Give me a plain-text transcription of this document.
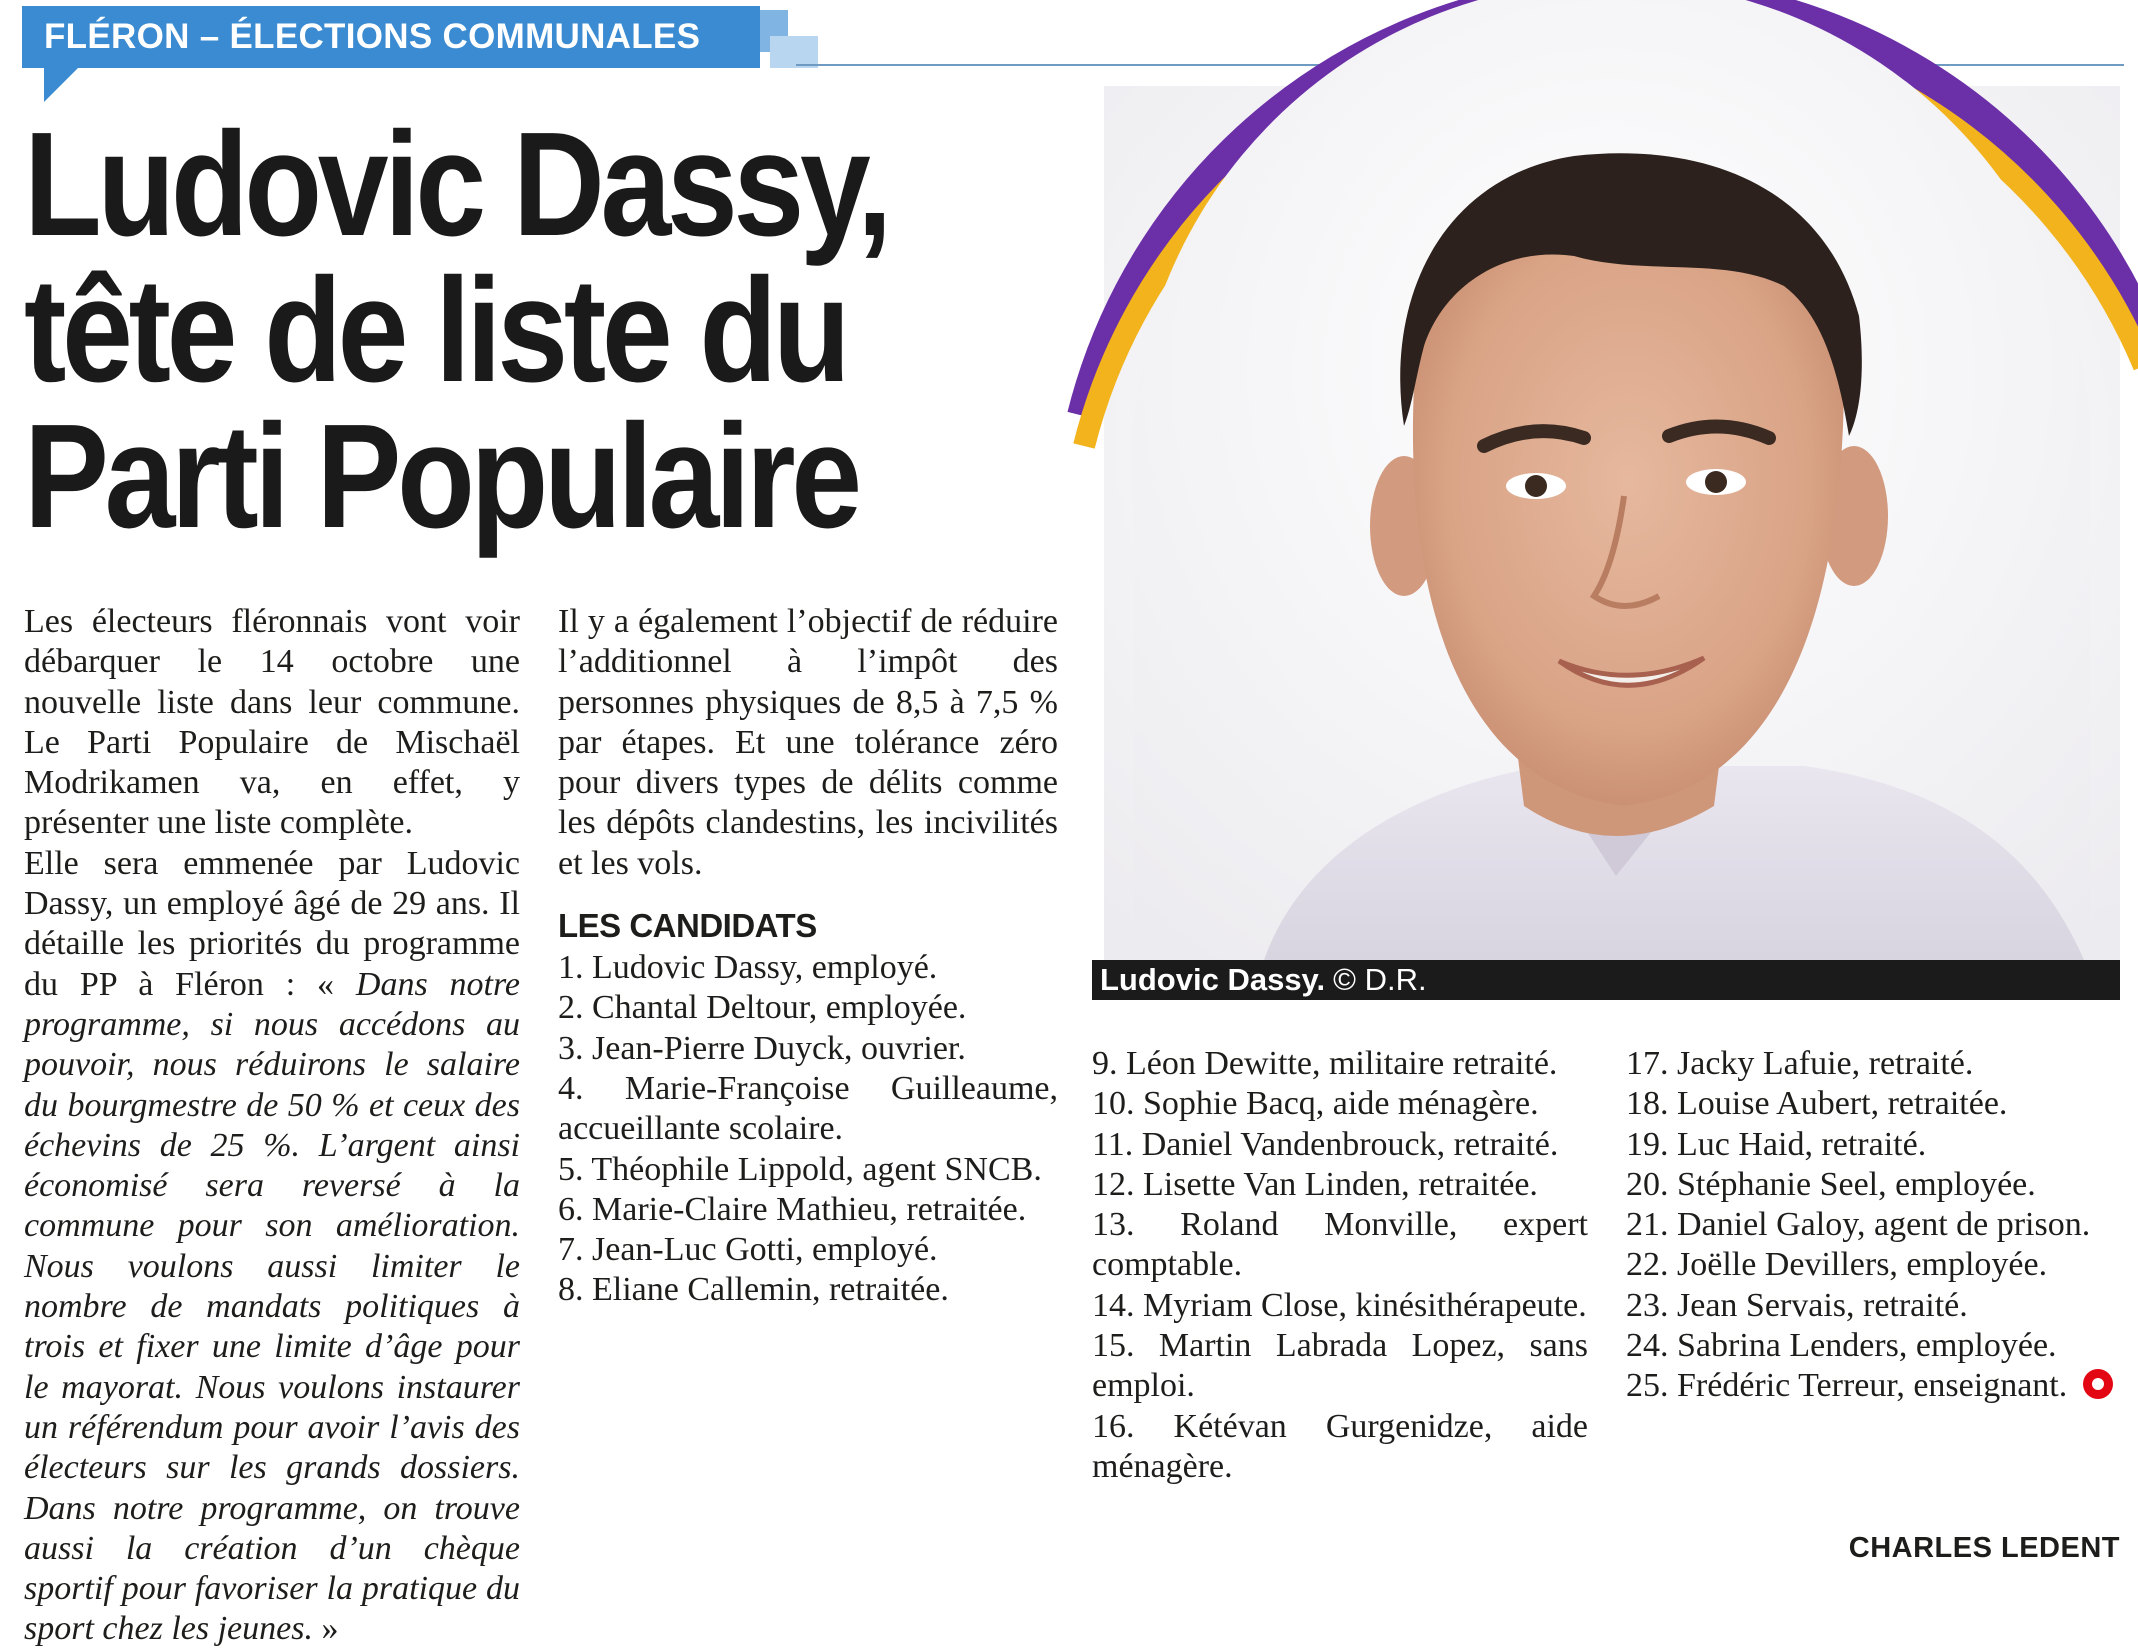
FLÉRON – ÉLECTIONS COMMUNALES
Ludovic Dassy,
tête de liste du
Parti Populaire
Ludovic Dassy. © D.R.

Les électeurs fléronnais vont voir débarquer le 14 octobre une nouvelle liste dans leur commune. Le Parti Populaire de Mischaël Modrikamen va, en effet, y présenter une liste complète.

Elle sera emmenée par Ludovic Dassy, un employé âgé de 29 ans. Il détaille les priorités du programme du PP à Fléron : « Dans notre programme, si nous accédons au pouvoir, nous réduirons le salaire du bourgmestre de 50 % et ceux des échevins de 25 %. L’argent ainsi économisé sera reversé à la commune pour son amélioration. Nous voulons aussi limiter le nombre de mandats politiques à trois et fixer une limite d’âge pour le mayorat. Nous voulons instaurer un référendum pour avoir l’avis des électeurs sur les grands dossiers. Dans notre programme, on trouve aussi la création d’un chèque sportif pour favoriser la pratique du sport chez les jeunes. »

Il y a également l’objectif de réduire l’additionnel à l’impôt des personnes physiques de 8,5 à 7,5 % par étapes. Et une tolérance zéro pour divers types de délits comme les dépôts clandestins, les incivilités et les vols.

LES CANDIDATS
1. Ludovic Dassy, employé.
2. Chantal Deltour, employée.
3. Jean-Pierre Duyck, ouvrier.
4. Marie-Françoise Guilleaume, accueillante scolaire.
5. Théophile Lippold, agent SNCB.
6. Marie-Claire Mathieu, retraitée.
7. Jean-Luc Gotti, employé.
8. Eliane Callemin, retraitée.
9. Léon Dewitte, militaire retraité.
10. Sophie Bacq, aide ménagère.
11. Daniel Vandenbrouck, retraité.
12. Lisette Van Linden, retraitée.
13. Roland Monville, expert comptable.
14. Myriam Close, kinésithérapeute.
15. Martin Labrada Lopez, sans emploi.
16. Kétévan Gurgenidze, aide ménagère.
17. Jacky Lafuie, retraité.
18. Louise Aubert, retraitée.
19. Luc Haid, retraité.
20. Stéphanie Seel, employée.
21. Daniel Galoy, agent de prison.
22. Joëlle Devillers, employée.
23. Jean Servais, retraité.
24. Sabrina Lenders, employée.
25. Frédéric Terreur, enseignant.
CHARLES LEDENT
